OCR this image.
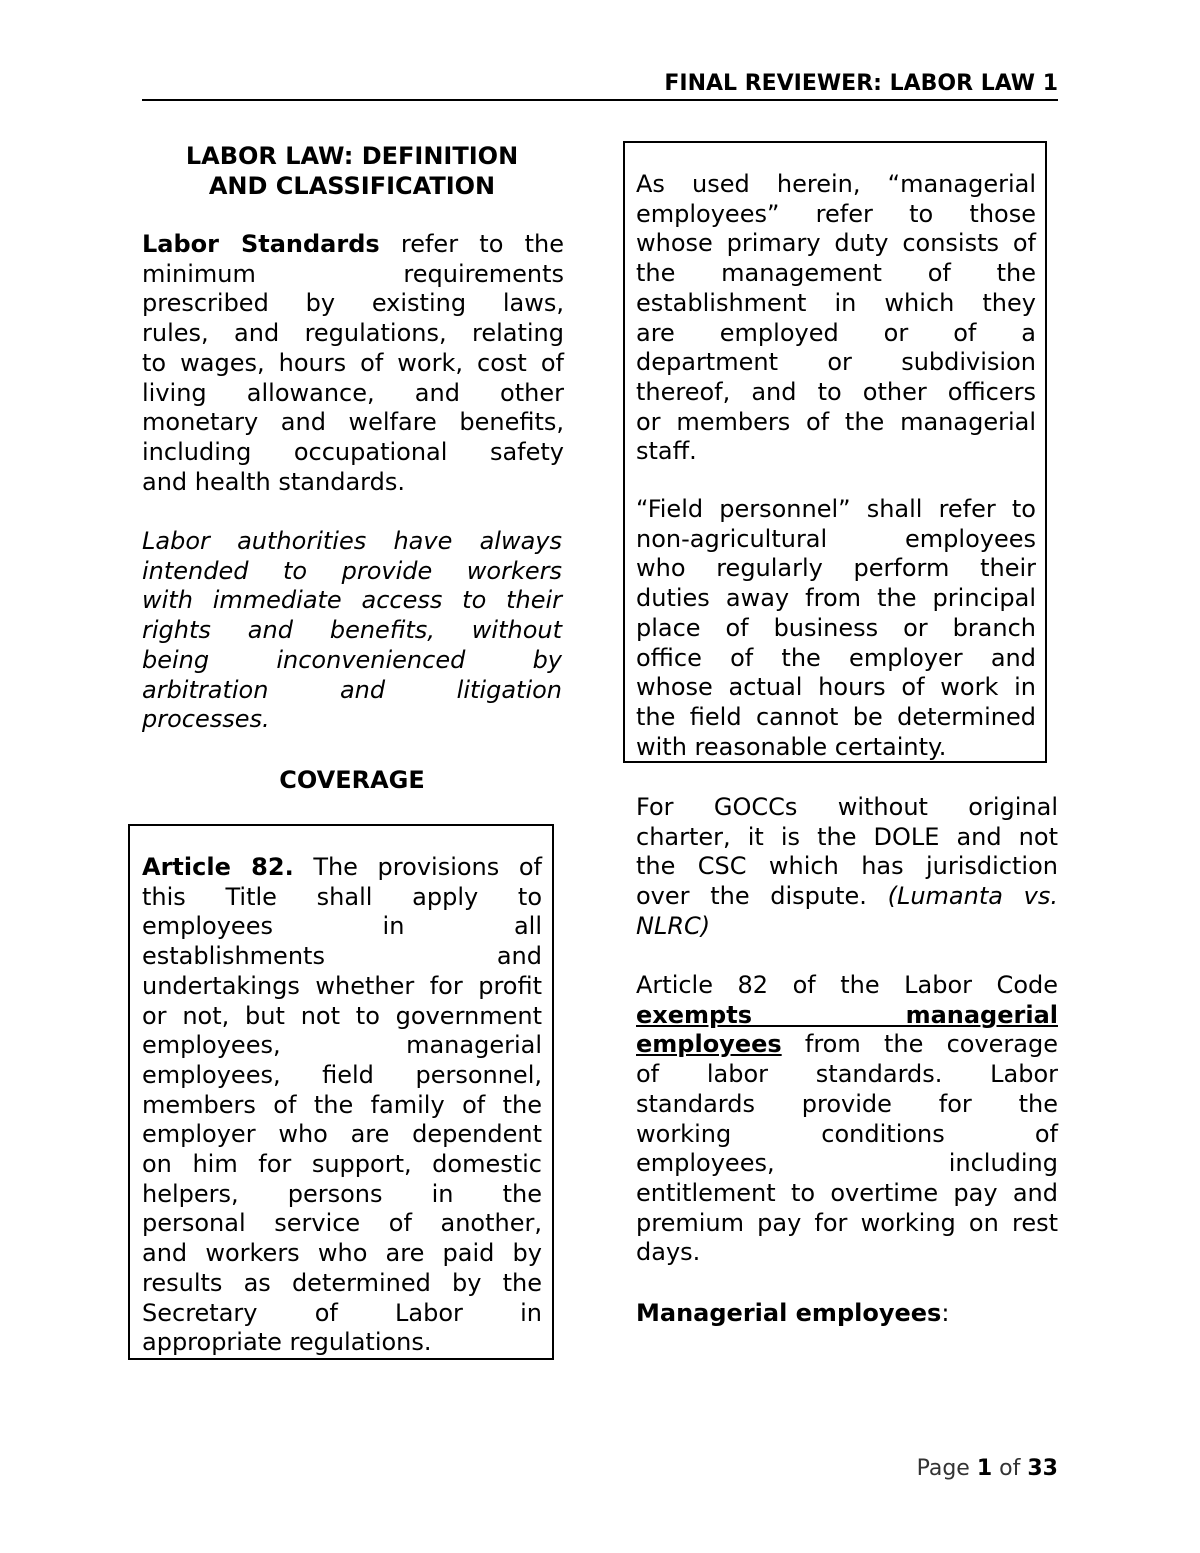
FINAL REVIEWER: LABOR LAW 1
LABOR LAW: DEFINITION
AND CLASSIFICATION
Labor Standards refer to the
minimum requirements
prescribed by existing laws,
rules, and regulations, relating
to wages, hours of work, cost of
living allowance, and other
monetary and welfare benefits,
including occupational safety
and health standards.
Labor authorities have always
intended to provide workers
with immediate access to their
rights and benefits, without
being inconvenienced by
arbitration and litigation
processes.
COVERAGE
Article 82. The provisions of
this Title shall apply to
employees in all
establishments and
undertakings whether for profit
or not, but not to government
employees, managerial
employees, field personnel,
members of the family of the
employer who are dependent
on him for support, domestic
helpers, persons in the
personal service of another,
and workers who are paid by
results as determined by the
Secretary of Labor in
appropriate regulations.
As used herein, “managerial
employees” refer to those
whose primary duty consists of
the management of the
establishment in which they
are employed or of a
department or subdivision
thereof, and to other officers
or members of the managerial
staff.
“Field personnel” shall refer to
non-agricultural employees
who regularly perform their
duties away from the principal
place of business or branch
office of the employer and
whose actual hours of work in
the field cannot be determined
with reasonable certainty.
For GOCCs without original
charter, it is the DOLE and not
the CSC which has jurisdiction
over the dispute. (Lumanta vs.
NLRC)
Article 82 of the Labor Code
exempts managerial
employees from the coverage
of labor standards. Labor
standards provide for the
working conditions of
employees, including
entitlement to overtime pay and
premium pay for working on rest
days.
Managerial employees:
Page 1 of 33
